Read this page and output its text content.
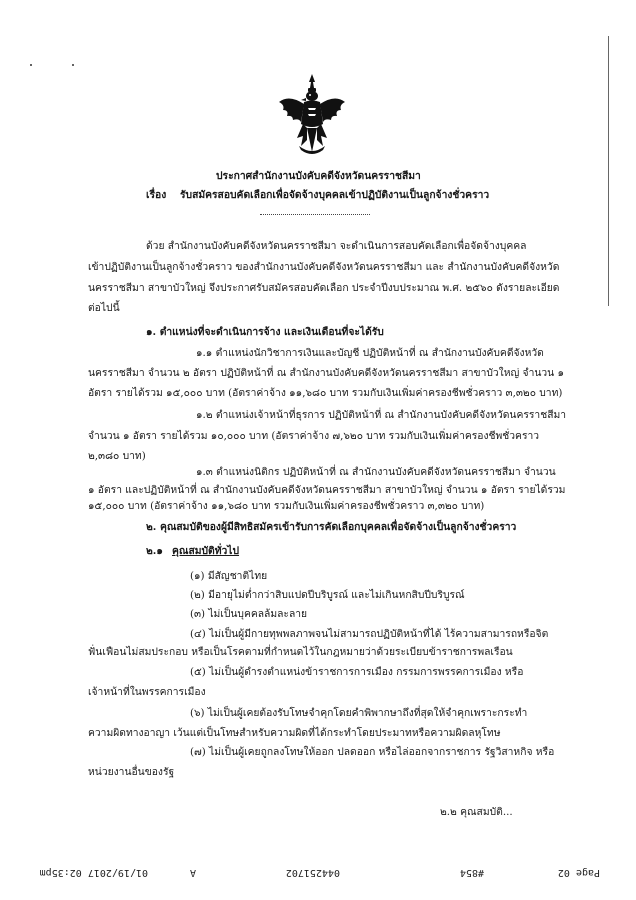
ประกาศสำนักงานบังคับคดีจังหวัดนครราชสีมา
เรื่อง รับสมัครสอบคัดเลือกเพื่อจัดจ้างบุคคลเข้าปฏิบัติงานเป็นลูกจ้างชั่วคราว
ด้วย สำนักงานบังคับคดีจังหวัดนครราชสีมา จะดำเนินการสอบคัดเลือกเพื่อจัดจ้างบุคคล
เข้าปฏิบัติงานเป็นลูกจ้างชั่วคราว ของสำนักงานบังคับคดีจังหวัดนครราชสีมา และ สำนักงานบังคับคดีจังหวัด
นครราชสีมา สาขาบัวใหญ่ จึงประกาศรับสมัครสอบคัดเลือก ประจำปีงบประมาณ พ.ศ. ๒๕๖๐ ดังรายละเอียด
ต่อไปนี้
๑. ตำแหน่งที่จะดำเนินการจ้าง และเงินเดือนที่จะได้รับ
๑.๑ ตำแหน่งนักวิชาการเงินและบัญชี ปฏิบัติหน้าที่ ณ สำนักงานบังคับคดีจังหวัด
นครราชสีมา จำนวน ๒ อัตรา ปฏิบัติหน้าที่ ณ สำนักงานบังคับคดีจังหวัดนครราชสีมา สาขาบัวใหญ่ จำนวน ๑
อัตรา รายได้รวม ๑๕,๐๐๐ บาท (อัตราค่าจ้าง ๑๑,๖๘๐ บาท รวมกับเงินเพิ่มค่าครองชีพชั่วคราว ๓,๓๒๐ บาท)
๑.๒ ตำแหน่งเจ้าหน้าที่ธุรการ ปฏิบัติหน้าที่ ณ สำนักงานบังคับคดีจังหวัดนครราชสีมา
จำนวน ๑ อัตรา รายได้รวม ๑๐,๐๐๐ บาท (อัตราค่าจ้าง ๗,๖๒๐ บาท รวมกับเงินเพิ่มค่าครองชีพชั่วคราว
๒,๓๘๐ บาท)
๑.๓ ตำแหน่งนิติกร ปฏิบัติหน้าที่ ณ สำนักงานบังคับคดีจังหวัดนครราชสีมา จำนวน
๑ อัตรา และปฏิบัติหน้าที่ ณ สำนักงานบังคับคดีจังหวัดนครราชสีมา สาขาบัวใหญ่ จำนวน ๑ อัตรา รายได้รวม
๑๕,๐๐๐ บาท (อัตราค่าจ้าง ๑๑,๖๘๐ บาท รวมกับเงินเพิ่มค่าครองชีพชั่วคราว ๓,๓๒๐ บาท)
๒. คุณสมบัติของผู้มีสิทธิสมัครเข้ารับการคัดเลือกบุคคลเพื่อจัดจ้างเป็นลูกจ้างชั่วคราว
๒.๑ คุณสมบัติทั่วไป
(๑) มีสัญชาติไทย
(๒) มีอายุไม่ต่ำกว่าสิบแปดปีบริบูรณ์ และไม่เกินหกสิบปีบริบูรณ์
(๓) ไม่เป็นบุคคลล้มละลาย
(๔) ไม่เป็นผู้มีกายทุพพลภาพจนไม่สามารถปฏิบัติหน้าที่ได้ ไร้ความสามารถหรือจิต
ฟั่นเฟือนไม่สมประกอบ หรือเป็นโรคตามที่กำหนดไว้ในกฎหมายว่าด้วยระเบียบข้าราชการพลเรือน
(๕) ไม่เป็นผู้ดำรงตำแหน่งข้าราชการการเมือง กรรมการพรรคการเมือง หรือ
เจ้าหน้าที่ในพรรคการเมือง
(๖) ไม่เป็นผู้เคยต้องรับโทษจำคุกโดยคำพิพากษาถึงที่สุดให้จำคุกเพราะกระทำ
ความผิดทางอาญา เว้นแต่เป็นโทษสำหรับความผิดที่ได้กระทำโดยประมาทหรือความผิดลหุโทษ
(๗) ไม่เป็นผู้เคยถูกลงโทษให้ออก ปลดออก หรือไล่ออกจากราชการ รัฐวิสาหกิจ หรือ
หน่วยงานอื่นของรัฐ
๒.๒ คุณสมบัติ...
Page 02
#854
044251702
A
01/19/2017 02:35pm
